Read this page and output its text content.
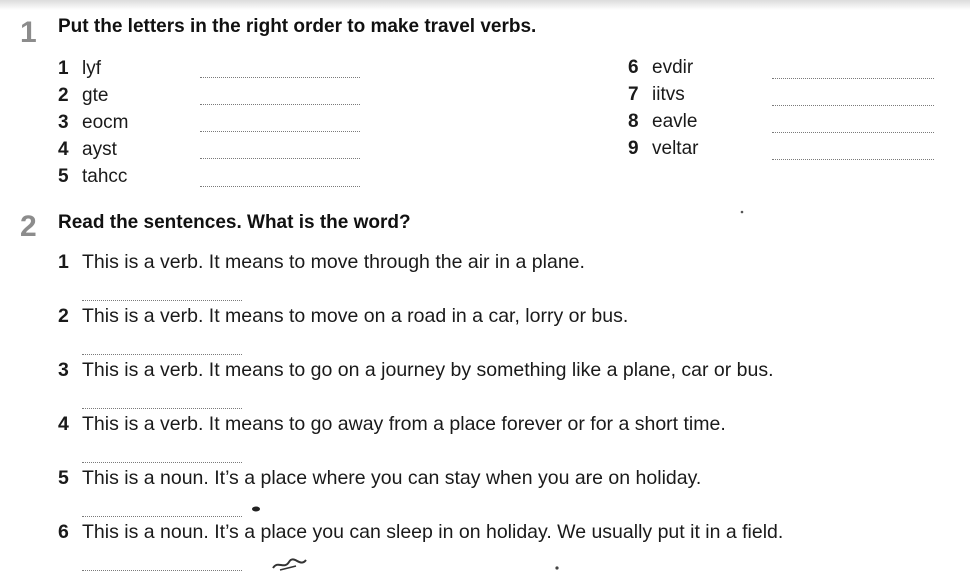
1 Put the letters in the right order to make travel verbs.
1 lyf
2 gte
3 eocm
4 ayst
5 tahcc
6 evdir
7 iitvs
8 eavle
9 veltar
2 Read the sentences. What is the word?
1 This is a verb. It means to move through the air in a plane.
2 This is a verb. It means to move on a road in a car, lorry or bus.
3 This is a verb. It means to go on a journey by something like a plane, car or bus.
4 This is a verb. It means to go away from a place forever or for a short time.
5 This is a noun. It’s a place where you can stay when you are on holiday.
6 This is a noun. It’s a place you can sleep in on holiday. We usually put it in a field.
